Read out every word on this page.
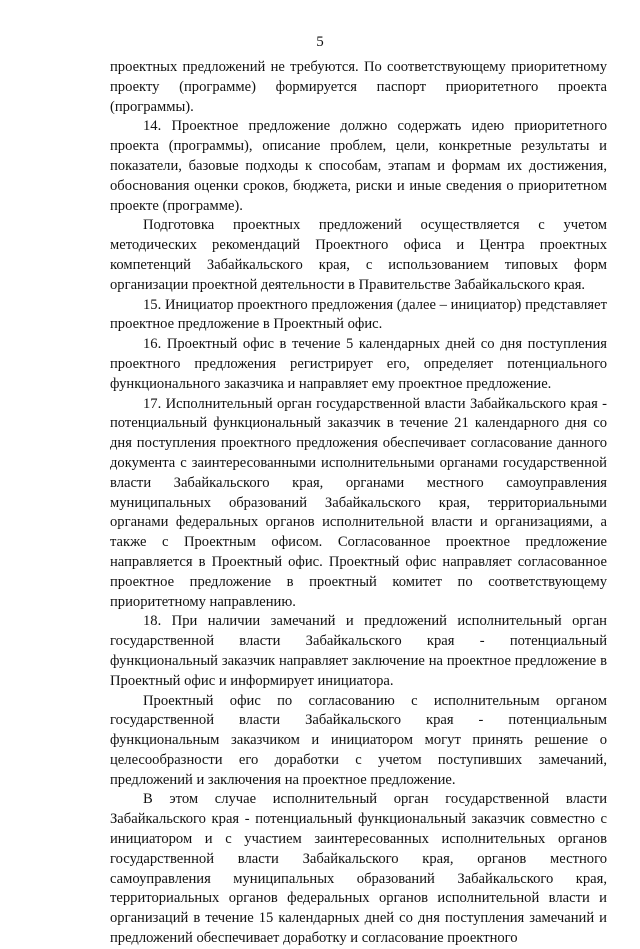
5

проектных предложений не требуются. По соответствующему приоритетному проекту (программе) формируется паспорт приоритетного проекта (программы).

14. Проектное предложение должно содержать идею приоритетного проекта (программы), описание проблем, цели, конкретные результаты и показатели, базовые подходы к способам, этапам и формам их достижения, обоснования оценки сроков, бюджета, риски и иные сведения о приоритетном проекте (программе).

Подготовка проектных предложений осуществляется с учетом методических рекомендаций Проектного офиса и Центра проектных компетенций Забайкальского края, с использованием типовых форм организации проектной деятельности в Правительстве Забайкальского края.

15. Инициатор проектного предложения (далее – инициатор) представляет проектное предложение в Проектный офис.

16. Проектный офис в течение 5 календарных дней со дня поступления проектного предложения регистрирует его, определяет потенциального функционального заказчика и направляет ему проектное предложение.

17. Исполнительный орган государственной власти Забайкальского края - потенциальный функциональный заказчик в течение 21 календарного дня со дня поступления проектного предложения обеспечивает согласование данного документа с заинтересованными исполнительными органами государственной власти Забайкальского края, органами местного самоуправления муниципальных образований Забайкальского края, территориальными органами федеральных органов исполнительной власти и организациями, а также с Проектным офисом. Согласованное проектное предложение направляется в Проектный офис. Проектный офис направляет согласованное проектное предложение в проектный комитет по соответствующему приоритетному направлению.

18. При наличии замечаний и предложений исполнительный орган государственной власти Забайкальского края - потенциальный функциональный заказчик направляет заключение на проектное предложение в Проектный офис и информирует инициатора.

Проектный офис по согласованию с исполнительным органом государственной власти Забайкальского края - потенциальным функциональным заказчиком и инициатором могут принять решение о целесообразности его доработки с учетом поступивших замечаний, предложений и заключения на проектное предложение.

В этом случае исполнительный орган государственной власти Забайкальского края - потенциальный функциональный заказчик совместно с инициатором и с участием заинтересованных исполнительных органов государственной власти Забайкальского края, органов местного самоуправления муниципальных образований Забайкальского края, территориальных органов федеральных органов исполнительной власти и организаций в течение 15 календарных дней со дня поступления замечаний и предложений обеспечивает доработку и согласование проектного
